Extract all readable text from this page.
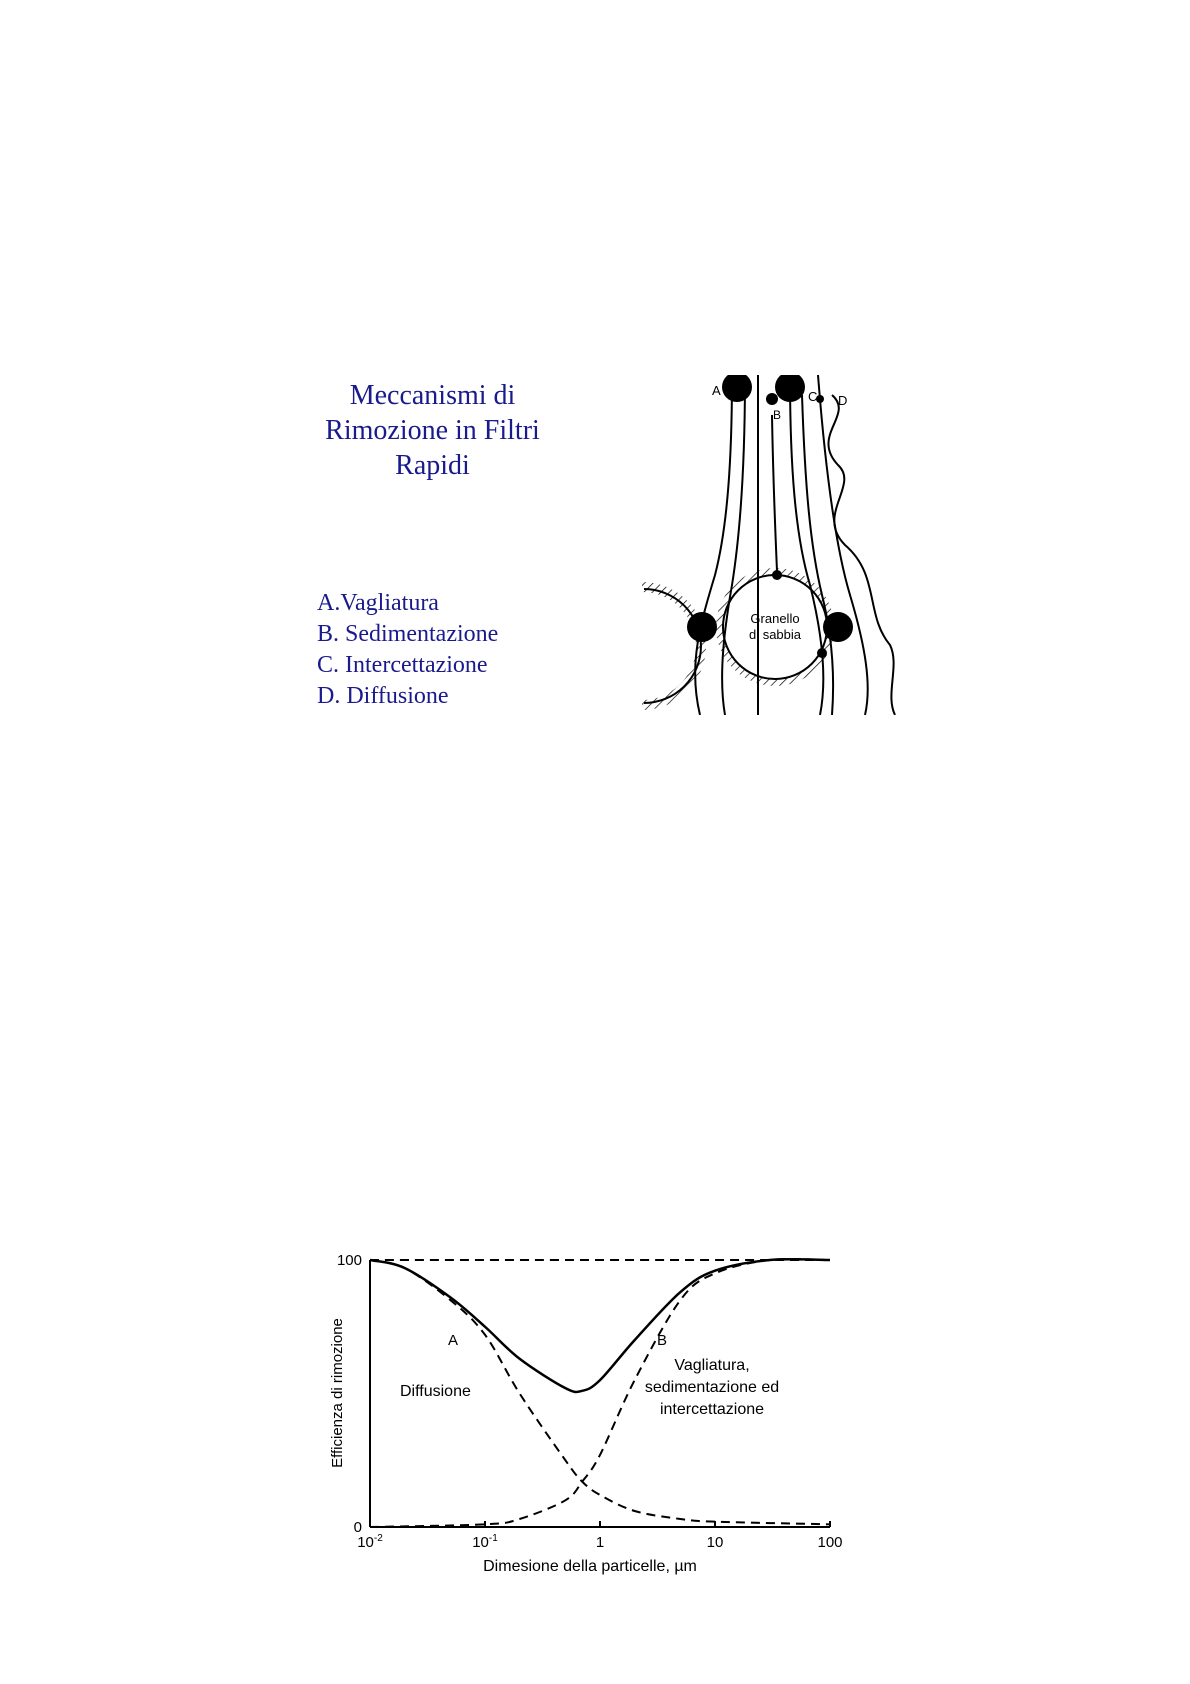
Meccanismi di
Rimozione in Filtri
Rapidi
A.Vagliatura
B. Sedimentazione
C. Intercettazione
D. Diffusione
Granello
di sabbia
A
B
C D
$10^{-2}$	$10^{-1}$	1	10	100
100
0
Efficienza di rimozione
Dimesione della particelle, µm
A	B
Diffusione
Vagliatura,
sedimentazione ed
intercettazione
